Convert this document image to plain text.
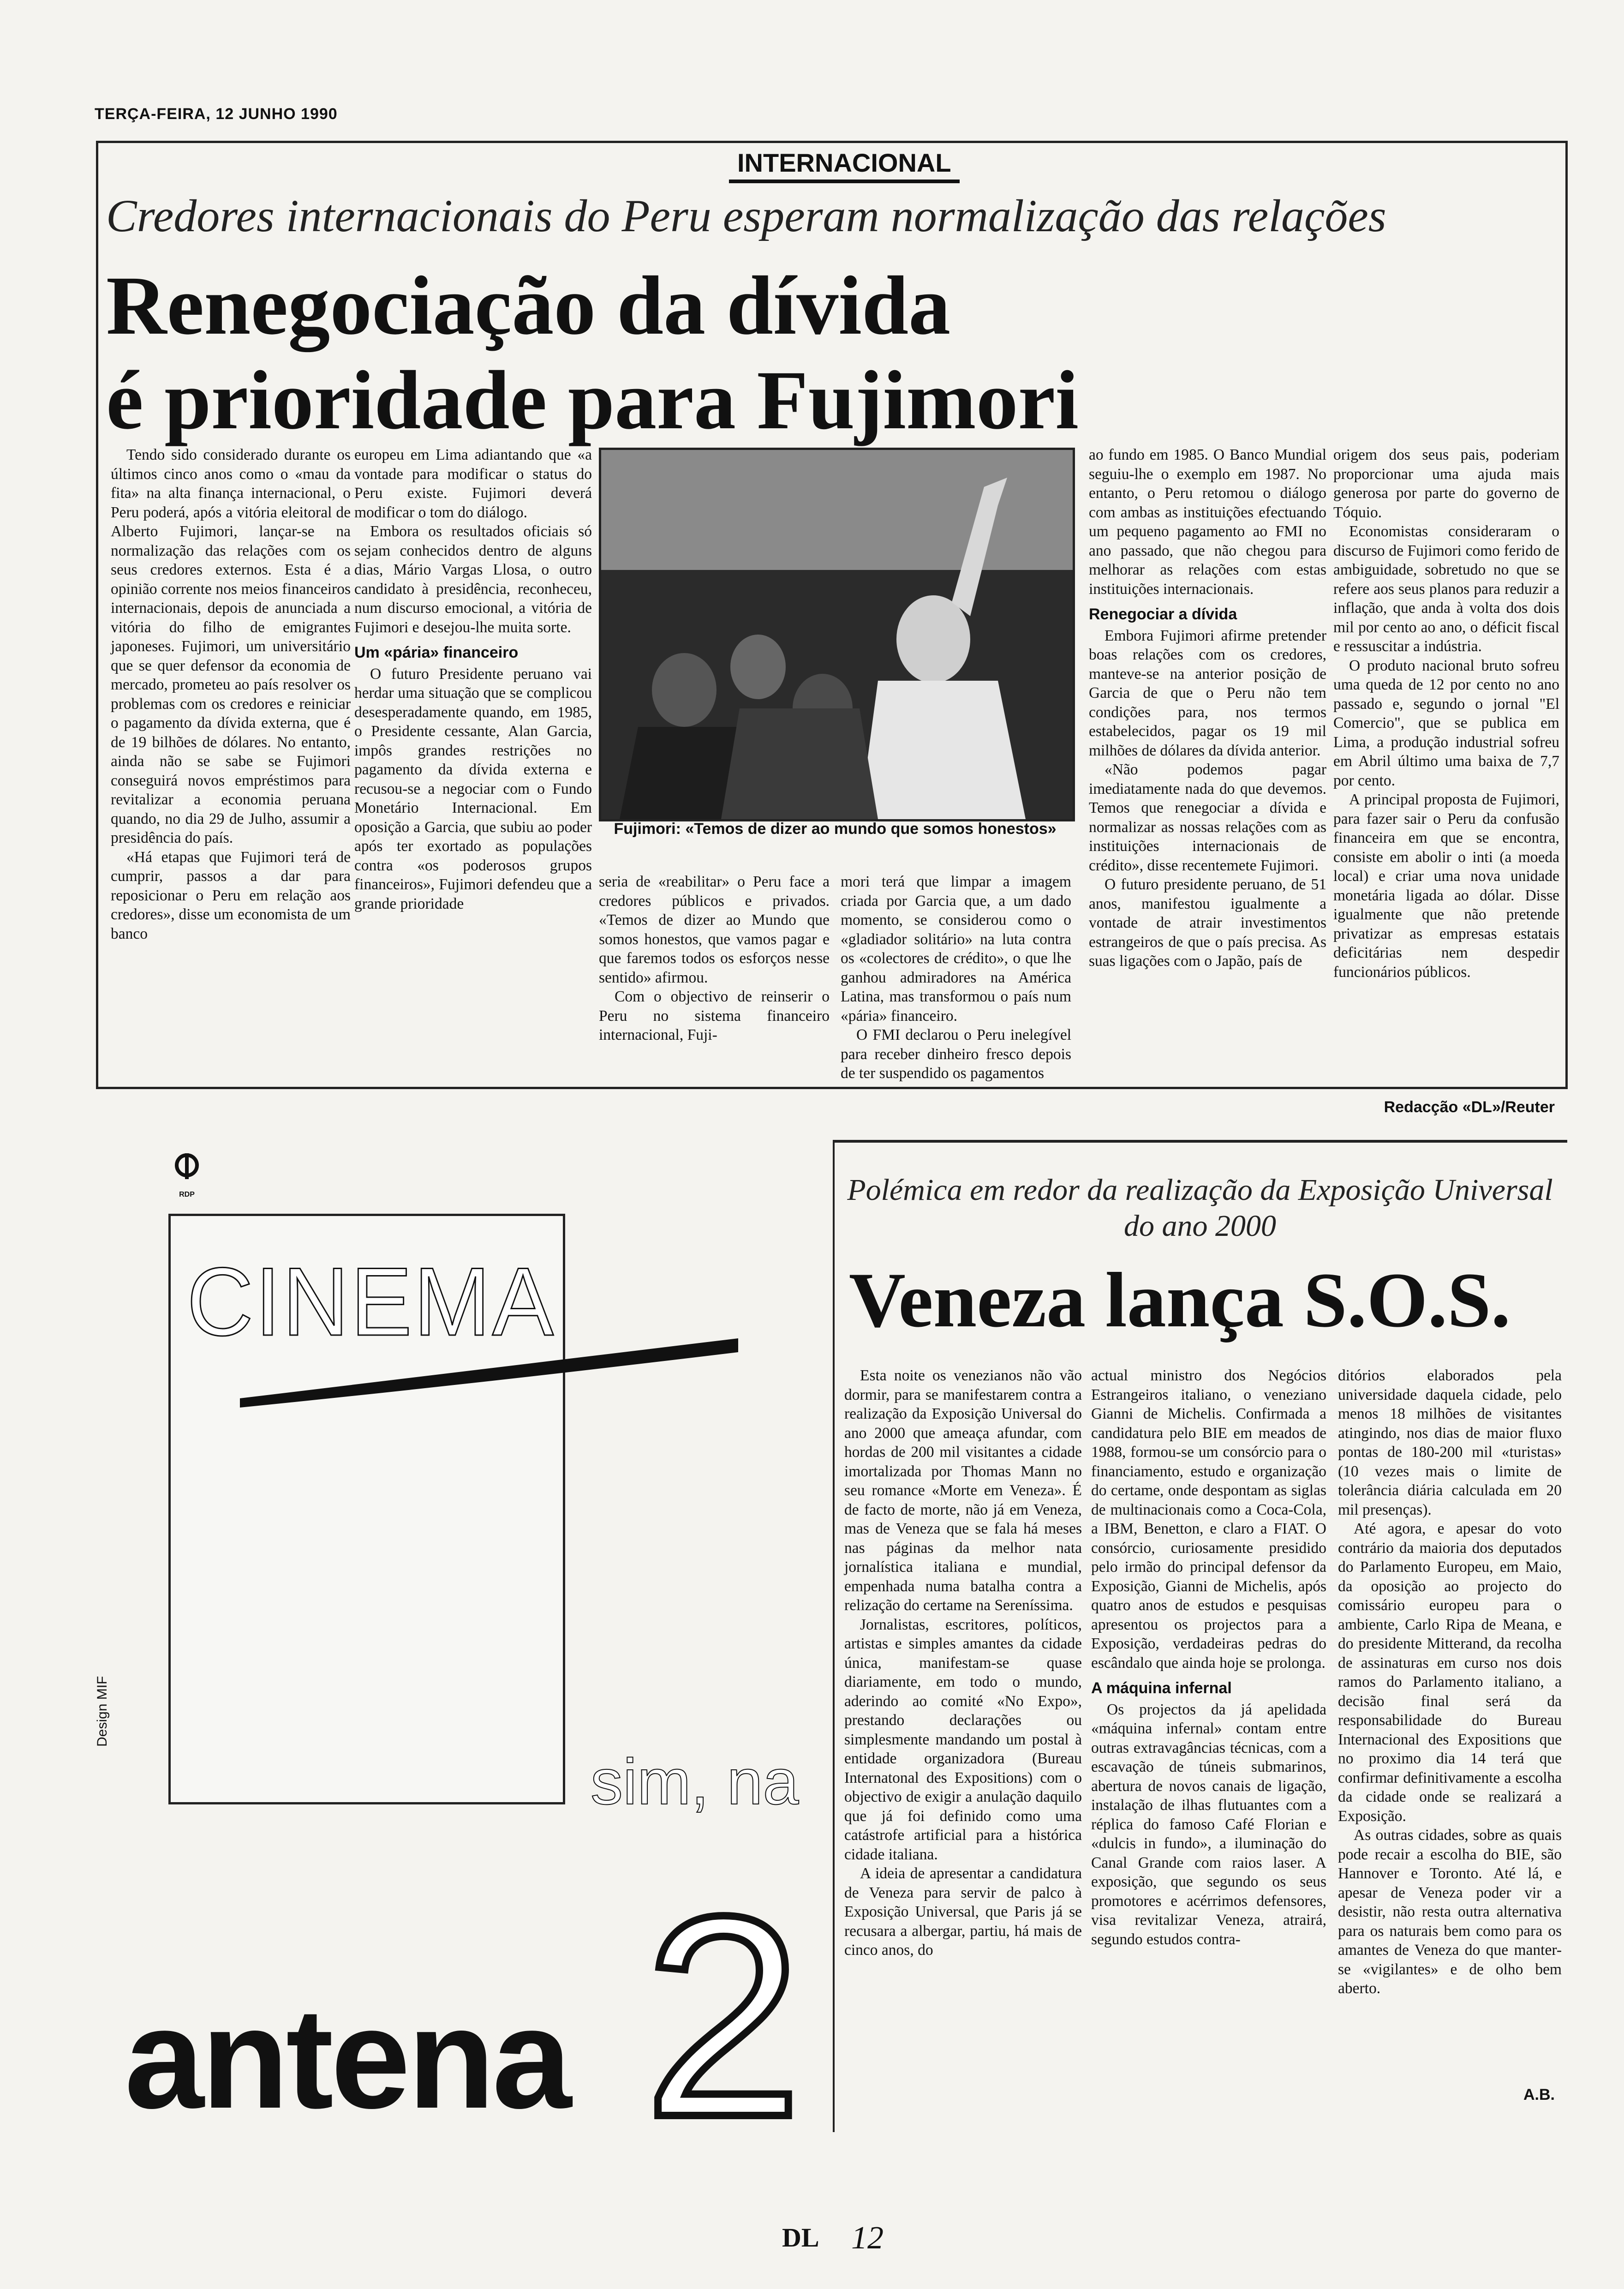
TERÇA-FEIRA, 12 JUNHO 1990
INTERNACIONAL
Credores internacionais do Peru esperam normalização das relações
Renegociação da dívida
é prioridade para Fujimori

Tendo sido considerado durante os últimos cinco anos como o «mau da fita» na alta finança internacional, o Peru poderá, após a vitória eleitoral de Alberto Fujimori, lançar-se na normalização das relações com os seus credores externos. Esta é a opinião corrente nos meios financeiros internacionais, depois de anunciada a vitória do filho de emigrantes japoneses. Fujimori, um universitário que se quer defensor da economia de mercado, prometeu ao país resolver os problemas com os credores e reiniciar o pagamento da dívida externa, que é de 19 bilhões de dólares. No entanto, ainda não se sabe se Fujimori conseguirá novos empréstimos para revitalizar a economia peruana quando, no dia 29 de Julho, assumir a presidência do país.

«Há etapas que Fujimori terá de cumprir, passos a dar para reposicionar o Peru em relação aos credores», disse um economista de um banco

europeu em Lima adiantando que «a vontade para modificar o status do Peru existe. Fujimori deverá modificar o tom do diálogo.

Embora os resultados oficiais só sejam conhecidos dentro de alguns dias, Mário Vargas Llosa, o outro candidato à presidência, reconheceu, num discurso emocional, a vitória de Fujimori e desejou-lhe muita sorte.

Um «pária» financeiro

O futuro Presidente peruano vai herdar uma situação que se complicou desesperadamente quando, em 1985, o Presidente cessante, Alan Garcia, impôs grandes restrições no pagamento da dívida externa e recusou-se a negociar com o Fundo Monetário Internacional. Em oposição a Garcia, que subiu ao poder após ter exortado as populações contra «os poderosos grupos financeiros», Fujimori defendeu que a grande prioridade

Fujimori: «Temos de dizer ao mundo que somos honestos»

seria de «reabilitar» o Peru face a credores públicos e privados. «Temos de dizer ao Mundo que somos honestos, que vamos pagar e que faremos todos os esforços nesse sentido» afirmou.

Com o objectivo de reinserir o Peru no sistema financeiro internacional, Fuji-

mori terá que limpar a imagem criada por Garcia que, a um dado momento, se considerou como o «gladiador solitário» na luta contra os «colectores de crédito», o que lhe ganhou admiradores na América Latina, mas transformou o país num «pária» financeiro.

O FMI declarou o Peru inelegível para receber dinheiro fresco depois de ter suspendido os pagamentos

ao fundo em 1985. O Banco Mundial seguiu-lhe o exemplo em 1987. No entanto, o Peru retomou o diálogo com ambas as instituições efectuando um pequeno pagamento ao FMI no ano passado, que não chegou para melhorar as relações com estas instituições internacionais.

Renegociar a dívida

Embora Fujimori afirme pretender boas relações com os credores, manteve-se na anterior posição de Garcia de que o Peru não tem condições para, nos termos estabelecidos, pagar os 19 mil milhões de dólares da dívida anterior.

«Não podemos pagar imediatamente nada do que devemos. Temos que renegociar a dívida e normalizar as nossas relações com as instituições internacionais de crédito», disse recentemete Fujimori.

O futuro presidente peruano, de 51 anos, manifestou igualmente a vontade de atrair investimentos estrangeiros de que o país precisa. As suas ligações com o Japão, país de

origem dos seus pais, poderiam proporcionar uma ajuda mais generosa por parte do governo de Tóquio.

Economistas consideraram o discurso de Fujimori como ferido de ambiguidade, sobretudo no que se refere aos seus planos para reduzir a inflação, que anda à volta dos dois mil por cento ao ano, o déficit fiscal e ressuscitar a indústria.

O produto nacional bruto sofreu uma queda de 12 por cento no ano passado e, segundo o jornal "El Comercio", que se publica em Lima, a produção industrial sofreu em Abril último uma baixa de 7,7 por cento.

A principal proposta de Fujimori, para fazer sair o Peru da confusão financeira em que se encontra, consiste em abolir o inti (a moeda local) e criar uma nova unidade monetária ligada ao dólar. Disse igualmente que não pretende privatizar as empresas estatais deficitárias nem despedir funcionários públicos.

Redacção «DL»/Reuter
RDP
CINEMA
sim, na
Design MIF
antena 2
Polémica em redor da realização da Exposição Universal do ano 2000
Veneza lança S.O.S.

Esta noite os venezianos não vão dormir, para se manifestarem contra a realização da Exposição Universal do ano 2000 que ameaça afundar, com hordas de 200 mil visitantes a cidade imortalizada por Thomas Mann no seu romance «Morte em Veneza». É de facto de morte, não já em Veneza, mas de Veneza que se fala há meses nas páginas da melhor nata jornalística italiana e mundial, empenhada numa batalha contra a relização do certame na Sereníssima.

Jornalistas, escritores, políticos, artistas e simples amantes da cidade única, manifestam-se quase diariamente, em todo o mundo, aderindo ao comité «No Expo», prestando declarações ou simplesmente mandando um postal à entidade organizadora (Bureau Internatonal des Expositions) com o objectivo de exigir a anulação daquilo que já foi definido como uma catástrofe artificial para a histórica cidade italiana.

A ideia de apresentar a candidatura de Veneza para servir de palco à Exposição Universal, que Paris já se recusara a albergar, partiu, há mais de cinco anos, do

actual ministro dos Negócios Estrangeiros italiano, o veneziano Gianni de Michelis. Confirmada a candidatura pelo BIE em meados de 1988, formou-se um consórcio para o financiamento, estudo e organização do certame, onde despontam as siglas de multinacionais como a Coca-Cola, a IBM, Benetton, e claro a FIAT. O consórcio, curiosamente presidido pelo irmão do principal defensor da Exposição, Gianni de Michelis, após quatro anos de estudos e pesquisas apresentou os projectos para a Exposição, verdadeiras pedras do escândalo que ainda hoje se prolonga.

A máquina infernal

Os projectos da já apelidada «máquina infernal» contam entre outras extravagâncias técnicas, com a escavação de túneis submarinos, abertura de novos canais de ligação, instalação de ilhas flutuantes com a réplica do famoso Café Florian e «dulcis in fundo», a iluminação do Canal Grande com raios laser. A exposição, que segundo os seus promotores e acérrimos defensores, visa revitalizar Veneza, atrairá, segundo estudos contra-

ditórios elaborados pela universidade daquela cidade, pelo menos 18 milhões de visitantes atingindo, nos dias de maior fluxo pontas de 180-200 mil «turistas» (10 vezes mais o limite de tolerância diária calculada em 20 mil presenças).

Até agora, e apesar do voto contrário da maioria dos deputados do Parlamento Europeu, em Maio, da oposição ao projecto do comissário europeu para o ambiente, Carlo Ripa de Meana, e do presidente Mitterand, da recolha de assinaturas em curso nos dois ramos do Parlamento italiano, a decisão final será da responsabilidade do Bureau Internacional des Expositions que no proximo dia 14 terá que confirmar definitivamente a escolha da cidade onde se realizará a Exposição.

As outras cidades, sobre as quais pode recair a escolha do BIE, são Hannover e Toronto. Até lá, e apesar de Veneza poder vir a desistir, não resta outra alternativa para os naturais bem como para os amantes de Veneza do que manter-se «vigilantes» e de olho bem aberto.

A.B.
DL 12
